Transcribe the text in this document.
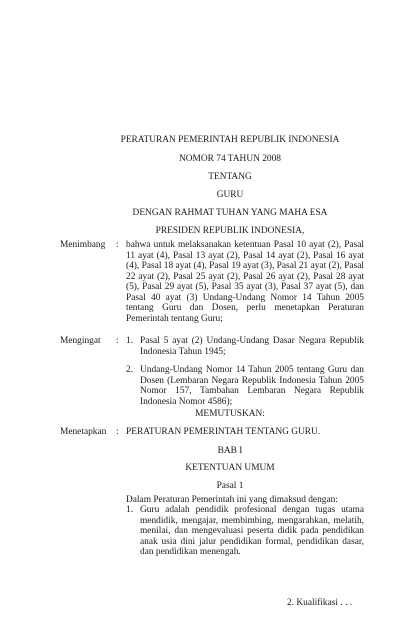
PERATURAN PEMERINTAH REPUBLIK INDONESIA
NOMOR 74 TAHUN 2008
TENTANG
GURU
DENGAN RAHMAT TUHAN YANG MAHA ESA
PRESIDEN REPUBLIK INDONESIA,
Menimbang : bahwa untuk melaksanakan ketentuan Pasal 10 ayat (2), Pasal 11 ayat (4), Pasal 13 ayat (2), Pasal 14 ayat (2), Pasal 16 ayat (4), Pasal 18 ayat (4), Pasal 19 ayat (3), Pasal 21 ayat (2), Pasal 22 ayat (2), Pasal 25 ayat (2), Pasal 26 ayat (2), Pasal 28 ayat (5), Pasal 29 ayat (5), Pasal 35 ayat (3), Pasal 37 ayat (5), dan Pasal 40 ayat (3) Undang-Undang Nomor 14 Tahun 2005 tentang Guru dan Dosen, perlu menetapkan Peraturan Pemerintah tentang Guru;
Mengingat : 1. Pasal 5 ayat (2) Undang-Undang Dasar Negara Republik Indonesia Tahun 1945;
2. Undang-Undang Nomor 14 Tahun 2005 tentang Guru dan Dosen (Lembaran Negara Republik Indonesia Tahun 2005 Nomor 157, Tambahan Lembaran Negara Republik Indonesia Nomor 4586);
MEMUTUSKAN:
Menetapkan : PERATURAN PEMERINTAH TENTANG GURU.
BAB I
KETENTUAN UMUM
Pasal 1
Dalam Peraturan Pemerintah ini yang dimaksud dengan:
1. Guru adalah pendidik profesional dengan tugas utama mendidik, mengajar, membimbing, mengarahkan, melatih, menilai, dan mengevaluasi peserta didik pada pendidikan anak usia dini jalur pendidikan formal, pendidikan dasar, dan pendidikan menengah.
2. Kualifikasi . . .
